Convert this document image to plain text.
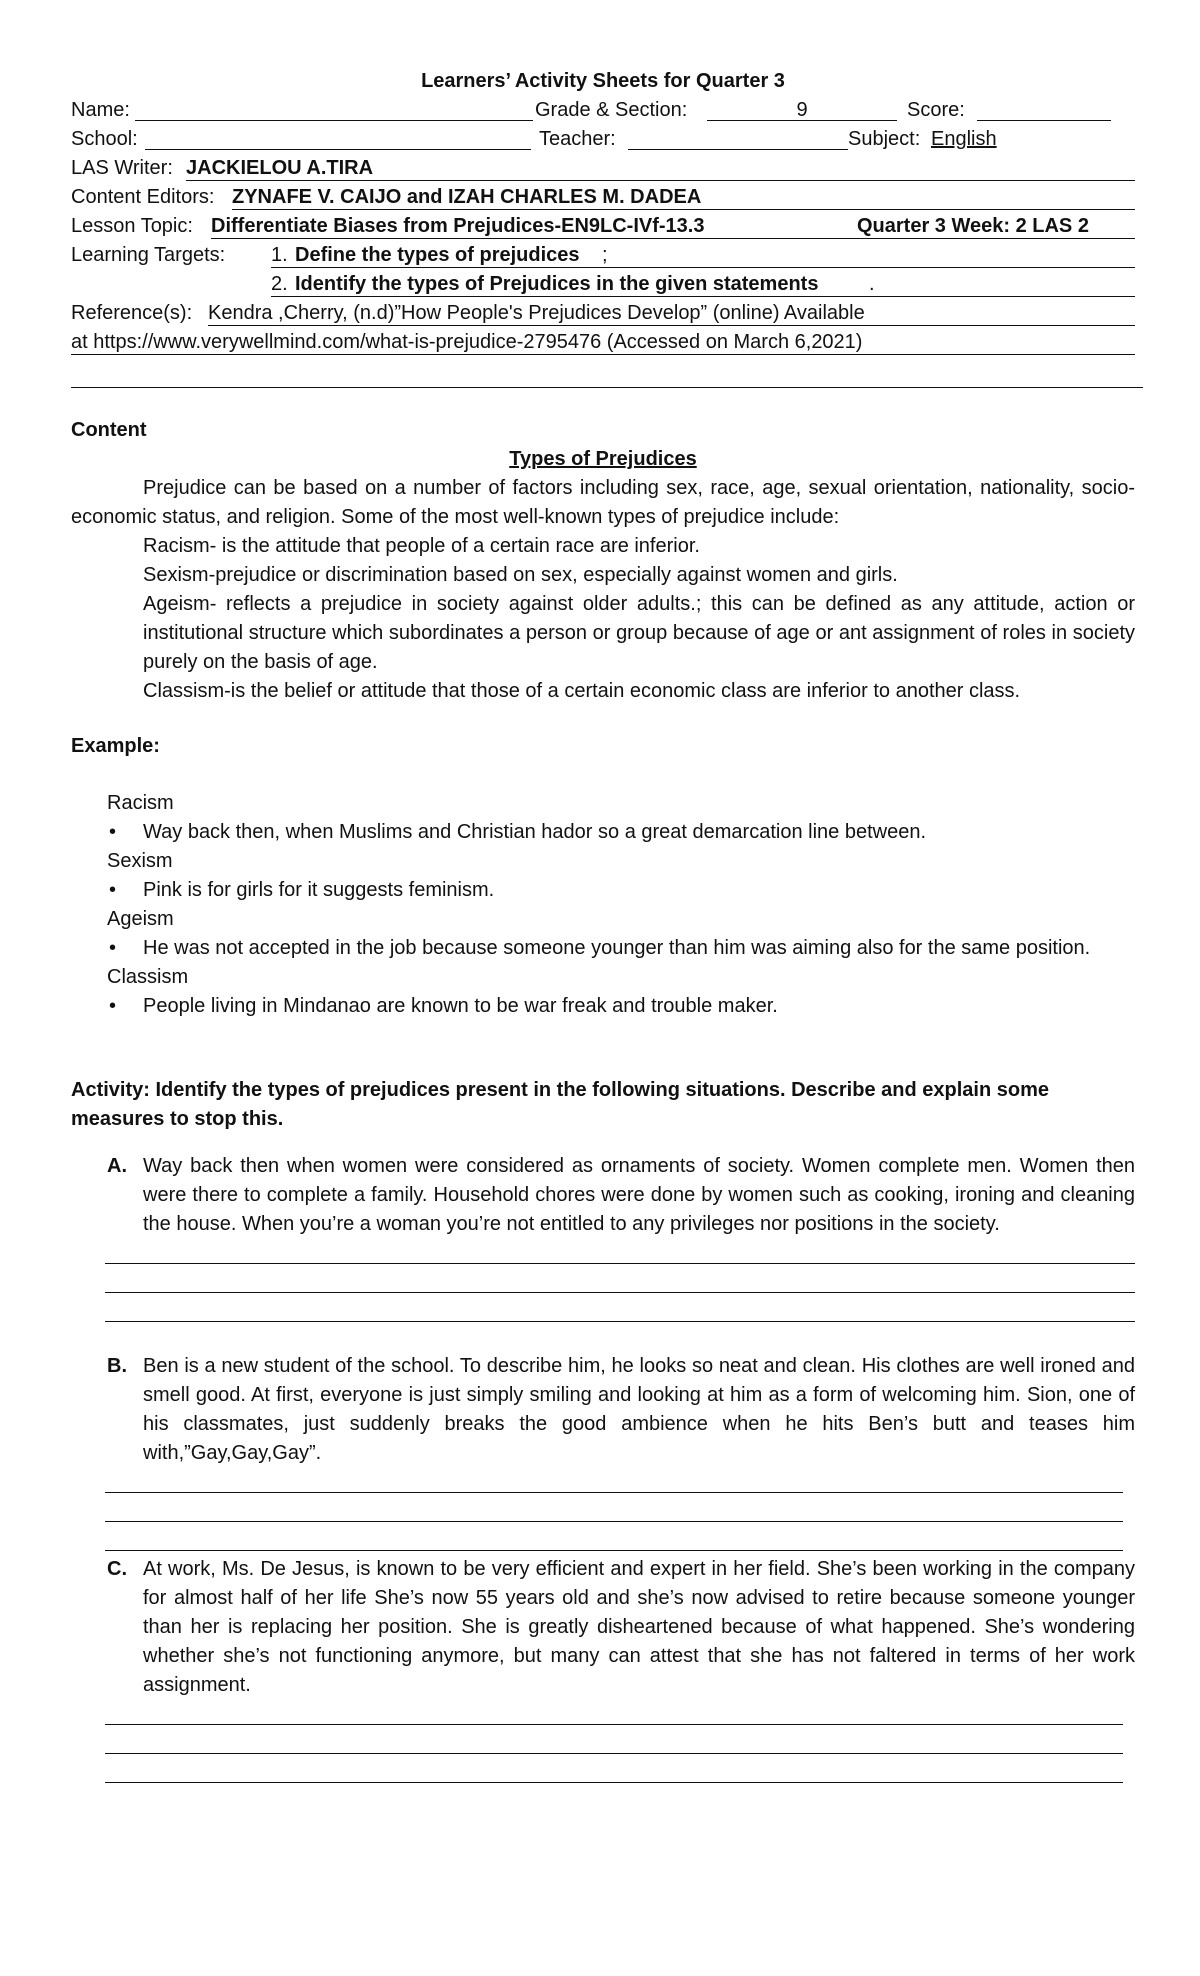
Learners’ Activity Sheets for Quarter 3
Name:	Grade & Section:	9	Score:
School:	Teacher:	Subject: English
LAS Writer: JACKIELOU A.TIRA
Content Editors: ZYNAFE V. CAIJO and IZAH CHARLES M. DADEA
Lesson Topic: Differentiate Biases from Prejudices-EN9LC-IVf-13.3	Quarter 3 Week: 2 LAS 2
Learning Targets: 1. Define the types of prejudices ;
2. Identify the types of Prejudices in the given statements	.
Reference(s): Kendra ,Cherry, (n.d)”How People's Prejudices Develop” (online) Available
at https://www.verywellmind.com/what-is-prejudice-2795476 (Accessed on March 6,2021)

Content

Types of Prejudices

Prejudice can be based on a number of factors including sex, race, age, sexual orientation, nationality, socio-economic status, and religion. Some of the most well-known types of prejudice include:

Racism- is the attitude that people of a certain race are inferior.

Sexism-prejudice or discrimination based on sex, especially against women and girls.

Ageism- reflects a prejudice in society against older adults.; this can be defined as any attitude, action or institutional structure which subordinates a person or group because of age or ant assignment of roles in society purely on the basis of age.

Classism-is the belief or attitude that those of a certain economic class are inferior to another class.

Example:

Racism

• Way back then, when Muslims and Christian hador so a great demarcation line between.

Sexism

• Pink is for girls for it suggests feminism.

Ageism

• He was not accepted in the job because someone younger than him was aiming also for the same position.

Classism

• People living in Mindanao are known to be war freak and trouble maker.

Activity: Identify the types of prejudices present in the following situations. Describe and explain some measures to stop this.

A. Way back then when women were considered as ornaments of society. Women complete men. Women then were there to complete a family. Household chores were done by women such as cooking, ironing and cleaning the house. When you’re a woman you’re not entitled to any privileges nor positions in the society.
B. Ben is a new student of the school. To describe him, he looks so neat and clean. His clothes are well ironed and smell good. At first, everyone is just simply smiling and looking at him as a form of welcoming him. Sion, one of his classmates, just suddenly breaks the good ambience when he hits Ben’s butt and teases him with,”Gay,Gay,Gay”.
C. At work, Ms. De Jesus, is known to be very efficient and expert in her field. She’s been working in the company for almost half of her life She’s now 55 years old and she’s now advised to retire because someone younger than her is replacing her position. She is greatly disheartened because of what happened. She’s wondering whether she’s not functioning anymore, but many can attest that she has not faltered in terms of her work assignment.
